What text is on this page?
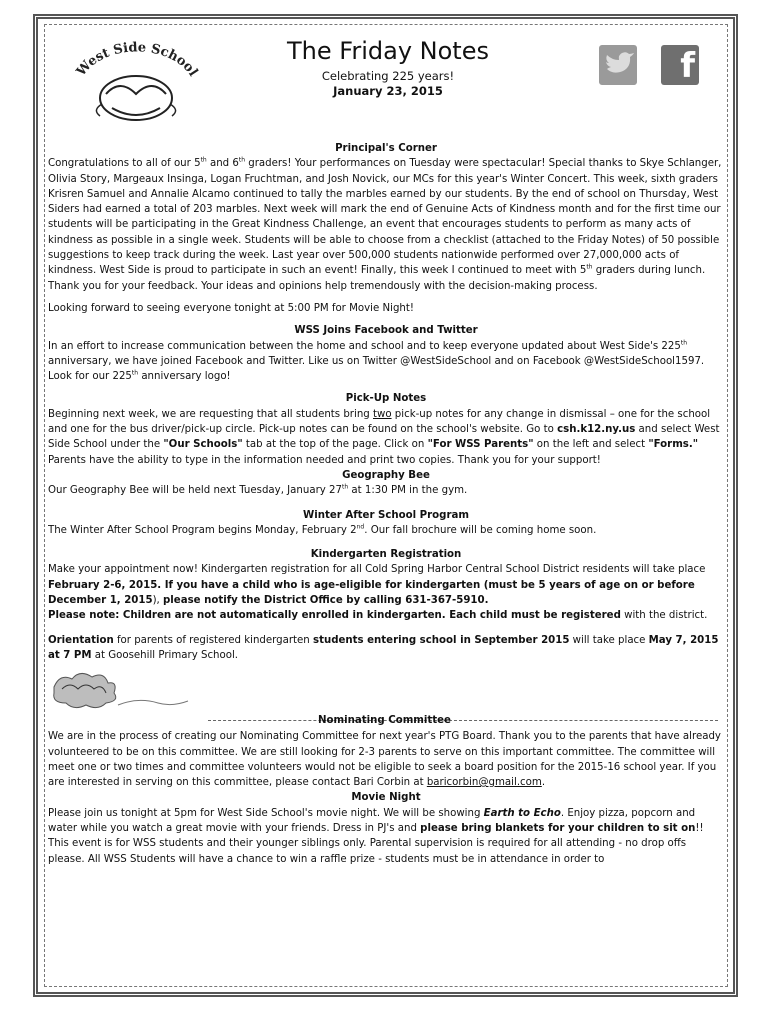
West Side School
The Friday Notes
Celebrating 225 years!
January 23, 2015
f
Principal's Corner

Congratulations to all of our 5th and 6th graders! Your performances on Tuesday were spectacular! Special thanks to Skye Schlanger, Olivia Story, Margeaux Insinga, Logan Fruchtman, and Josh Novick, our MCs for this year's Winter Concert. This week, sixth graders Krisren Samuel and Annalie Alcamo continued to tally the marbles earned by our students. By the end of school on Thursday, West Siders had earned a total of 203 marbles. Next week will mark the end of Genuine Acts of Kindness month and for the first time our students will be participating in the Great Kindness Challenge, an event that encourages students to perform as many acts of kindness as possible in a single week. Students will be able to choose from a checklist (attached to the Friday Notes) of 50 possible suggestions to keep track during the week. Last year over 500,000 students nationwide performed over 27,000,000 acts of kindness. West Side is proud to participate in such an event! Finally, this week I continued to meet with 5th graders during lunch. Thank you for your feedback. Your ideas and opinions help tremendously with the decision-making process.

Looking forward to seeing everyone tonight at 5:00 PM for Movie Night!

WSS Joins Facebook and Twitter

In an effort to increase communication between the home and school and to keep everyone updated about West Side's 225th anniversary, we have joined Facebook and Twitter. Like us on Twitter @WestSideSchool and on Facebook @WestSideSchool1597. Look for our 225th anniversary logo!

Pick-Up Notes

Beginning next week, we are requesting that all students bring two pick-up notes for any change in dismissal – one for the school and one for the bus driver/pick-up circle. Pick-up notes can be found on the school's website. Go to csh.k12.ny.us and select West Side School under the "Our Schools" tab at the top of the page. Click on "For WSS Parents" on the left and select "Forms." Parents have the ability to type in the information needed and print two copies. Thank you for your support!

Geography Bee

Our Geography Bee will be held next Tuesday, January 27th at 1:30 PM in the gym.

Winter After School Program

The Winter After School Program begins Monday, February 2nd. Our fall brochure will be coming home soon.

Kindergarten Registration

Make your appointment now! Kindergarten registration for all Cold Spring Harbor Central School District residents will take place February 2-6, 2015. If you have a child who is age-eligible for kindergarten (must be 5 years of age on or before December 1, 2015), please notify the District Office by calling 631-367-5910.

Please note: Children are not automatically enrolled in kindergarten. Each child must be registered with the district.

Orientation for parents of registered kindergarten students entering school in September 2015 will take place May 7, 2015 at 7 PM at Goosehill Primary School.

Nominating Committee

We are in the process of creating our Nominating Committee for next year's PTG Board. Thank you to the parents that have already volunteered to be on this committee. We are still looking for 2-3 parents to serve on this important committee. The committee will meet one or two times and committee volunteers would not be eligible to seek a board position for the 2015-16 school year. If you are interested in serving on this committee, please contact Bari Corbin at baricorbin@gmail.com.

Movie Night

Please join us tonight at 5pm for West Side School's movie night. We will be showing Earth to Echo. Enjoy pizza, popcorn and water while you watch a great movie with your friends. Dress in PJ's and please bring blankets for your children to sit on!! This event is for WSS students and their younger siblings only. Parental supervision is required for all attending - no drop offs please. All WSS Students will have a chance to win a raffle prize - students must be in attendance in order to
